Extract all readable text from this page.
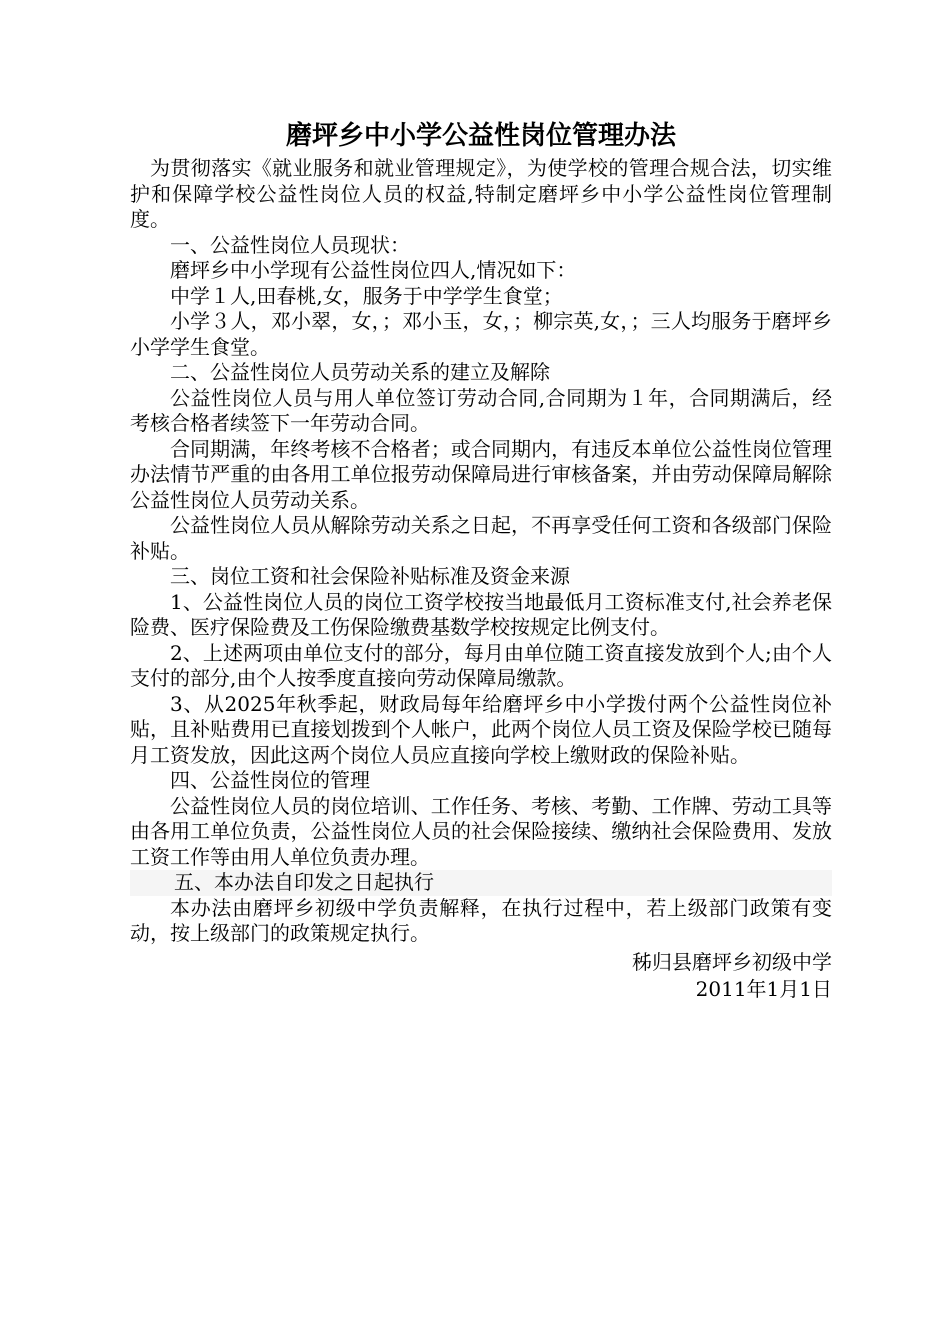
磨坪乡中小学公益性岗位管理办法

为贯彻落实《就业服务和就业管理规定》，为使学校的管理合规合法，切实维护和保障学校公益性岗位人员的权益,特制定磨坪乡中小学公益性岗位管理制度。

一、公益性岗位人员现状：

磨坪乡中小学现有公益性岗位四人,情况如下：

中学１人,田春桃,女，服务于中学学生食堂；

小学３人，邓小翠，女，；邓小玉，女，；柳宗英,女，；三人均服务于磨坪乡小学学生食堂。

二、公益性岗位人员劳动关系的建立及解除

公益性岗位人员与用人单位签订劳动合同,合同期为１年，合同期满后，经考核合格者续签下一年劳动合同。

合同期满，年终考核不合格者；或合同期内，有违反本单位公益性岗位管理办法情节严重的由各用工单位报劳动保障局进行审核备案，并由劳动保障局解除公益性岗位人员劳动关系。

公益性岗位人员从解除劳动关系之日起，不再享受任何工资和各级部门保险补贴。

三、岗位工资和社会保险补贴标准及资金来源

1、公益性岗位人员的岗位工资学校按当地最低月工资标准支付,社会养老保险费、医疗保险费及工伤保险缴费基数学校按规定比例支付。

2、上述两项由单位支付的部分，每月由单位随工资直接发放到个人;由个人支付的部分,由个人按季度直接向劳动保障局缴款。

3、从2025年秋季起，财政局每年给磨坪乡中小学拨付两个公益性岗位补贴，且补贴费用已直接划拨到个人帐户，此两个岗位人员工资及保险学校已随每月工资发放，因此这两个岗位人员应直接向学校上缴财政的保险补贴。

四、公益性岗位的管理

公益性岗位人员的岗位培训、工作任务、考核、考勤、工作牌、劳动工具等由各用工单位负责，公益性岗位人员的社会保险接续、缴纳社会保险费用、发放工资工作等由用人单位负责办理。

五、本办法自印发之日起执行

本办法由磨坪乡初级中学负责解释，在执行过程中，若上级部门政策有变动，按上级部门的政策规定执行。

秭归县磨坪乡初级中学
2011年1月1日
